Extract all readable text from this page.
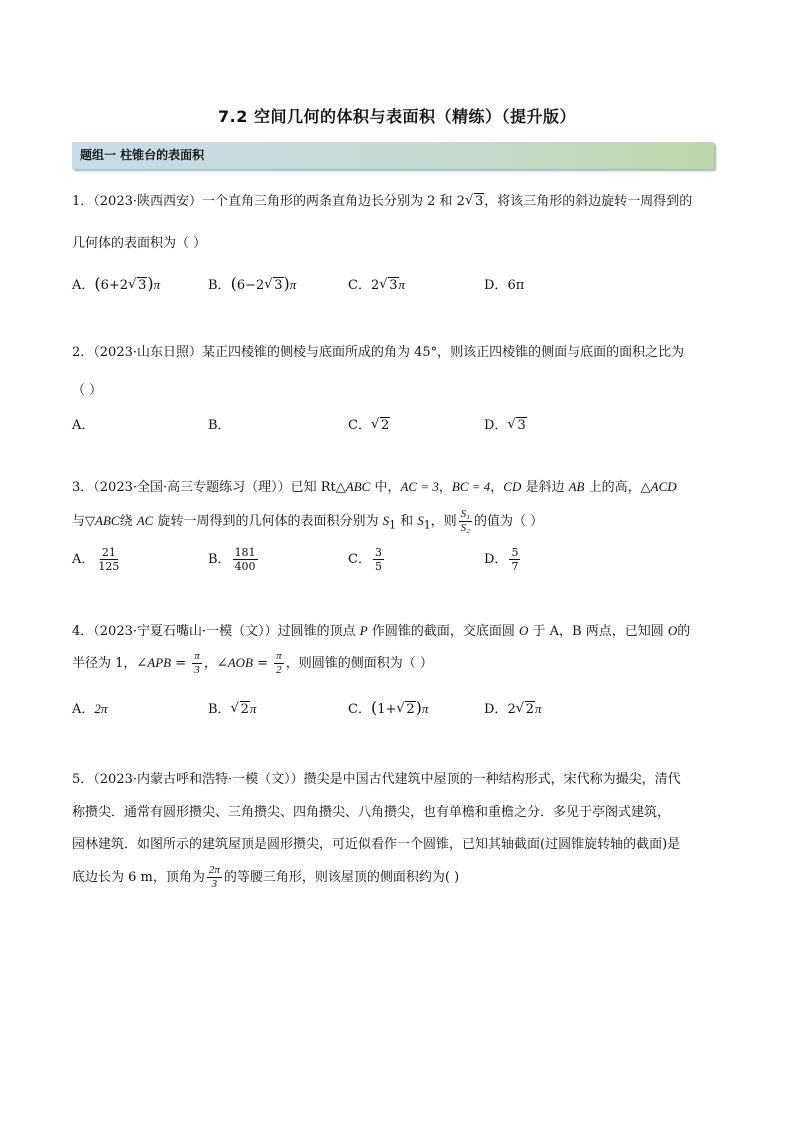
7.2 空间几何的体积与表面积（精练）（提升版）
题组一 柱锥台的表面积
1．（2023·陕西西安）一个直角三角形的两条直角边长分别为 2 和 2 √ 3，将该三角形的斜边旋转一周得到的
几何体的表面积为（ ）
A．(6+2 √ 3)π	B．(6−2 √ 3)π	C．2 √ 3π	D．6π
2．（2023·山东日照）某正四棱锥的侧棱与底面所成的角为 45°，则该正四棱锥的侧面与底面的面积之比为
（ ）
A．	B．	C． √ 2	D． √ 3
3．（2023·全国·高三专题练习（理））已知 Rt△ABC 中，AC = 3，BC = 4，CD 是斜边 AB 上的高，△ACD
与▽ABC绕 AC 旋转一周得到的几何体的表面积分别为 $S_1$ 和 $S_1$，则 $\frac{\text{S₁}}{\text{S₂}}$ 的值为（ ）
A． $\frac{21}{125}$	B． $\frac{181}{400}$	C． $\frac{3}{5}$	D． $\frac{5}{7}$
4．（2023·宁夏石嘴山·一模（文））过圆锥的顶点 P 作圆锥的截面，交底面圆 O 于 A，B 两点，已知圆 O的
半径为 1，∠APB = $\frac{\pi}{3}$ ，∠AOB = $\frac{\pi}{2}$ ，则圆锥的侧面积为（ ）
A．2π	B． √ 2π	C．(1+ √ 2)π	D．2 √ 2π
5．（2023·内蒙古呼和浩特·一模（文））攒尖是中国古代建筑中屋顶的一种结构形式，宋代称为撮尖，清代
称攒尖．通常有圆形攒尖、三角攒尖、四角攒尖、八角攒尖，也有单檐和重檐之分．多见于亭阁式建筑，
园林建筑．如图所示的建筑屋顶是圆形攒尖，可近似看作一个圆锥，已知其轴截面(过圆锥旋转轴的截面)是
底边长为 6 m，顶角为 $\frac{2\pi}{3}$ 的等腰三角形，则该屋顶的侧面积约为( )
